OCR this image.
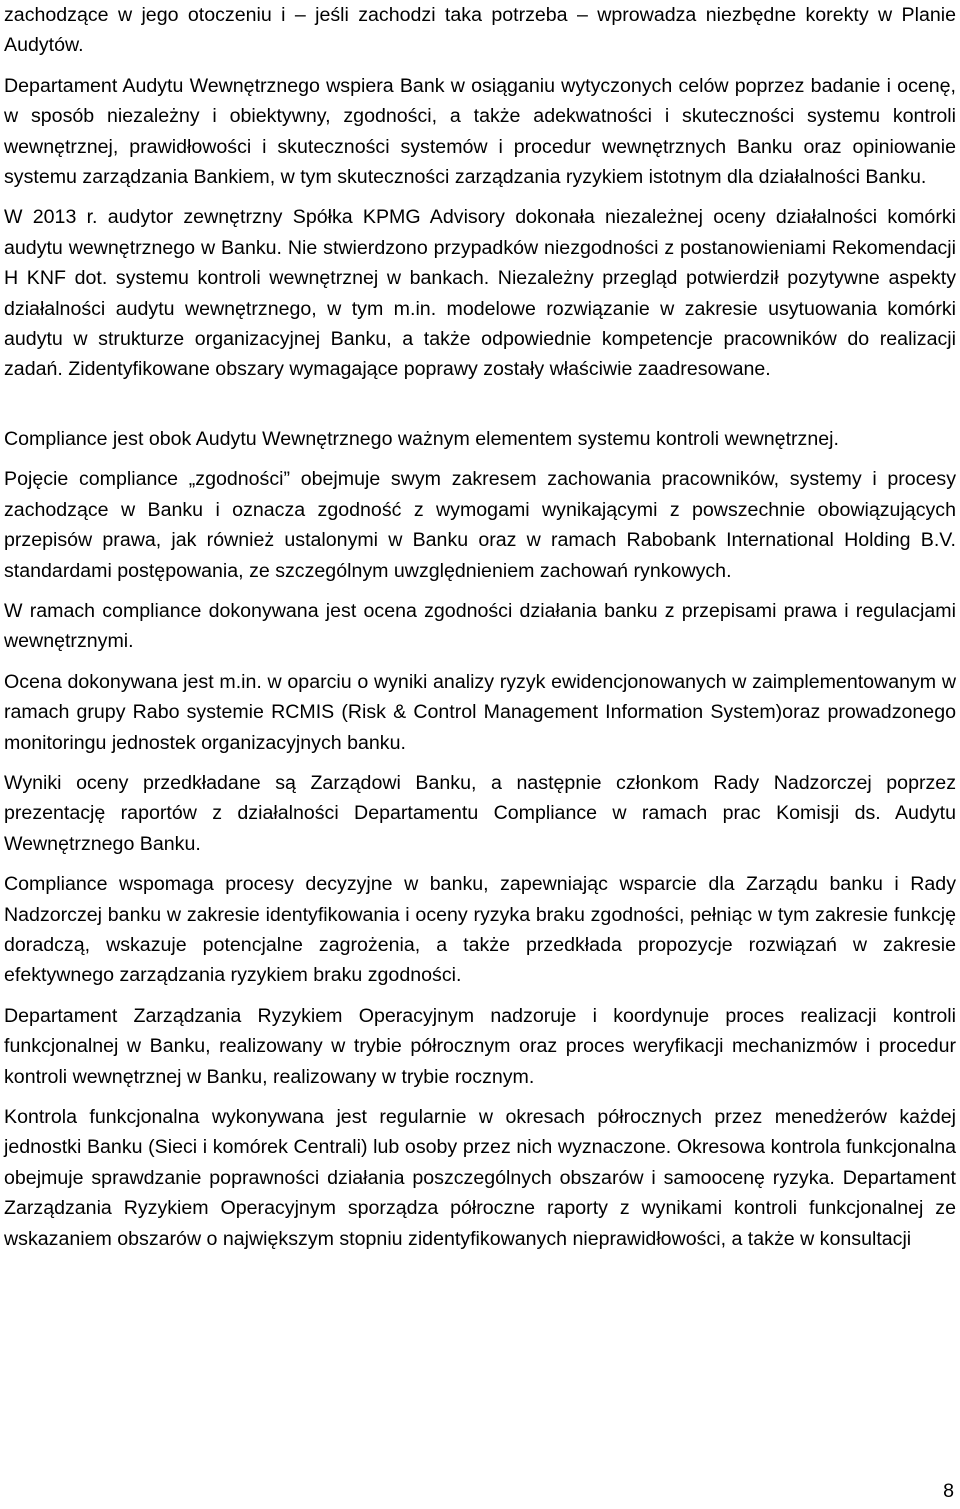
zachodzące w jego otoczeniu i – jeśli zachodzi taka potrzeba – wprowadza niezbędne korekty w Planie Audytów.

Departament Audytu Wewnętrznego wspiera Bank w osiąganiu wytyczonych celów poprzez badanie i ocenę, w sposób niezależny i obiektywny, zgodności, a także adekwatności i skuteczności systemu kontroli wewnętrznej, prawidłowości i skuteczności systemów i procedur wewnętrznych Banku oraz opiniowanie systemu zarządzania Bankiem, w tym skuteczności zarządzania ryzykiem istotnym dla działalności Banku.

W 2013 r. audytor zewnętrzny Spółka KPMG Advisory dokonała niezależnej oceny działalności komórki audytu wewnętrznego w Banku. Nie stwierdzono przypadków niezgodności z postanowieniami Rekomendacji H KNF dot. systemu kontroli wewnętrznej w bankach. Niezależny przegląd potwierdził pozytywne aspekty działalności audytu wewnętrznego, w tym m.in. modelowe rozwiązanie w zakresie usytuowania komórki audytu w strukturze organizacyjnej Banku, a także odpowiednie kompetencje pracowników do realizacji zadań. Zidentyfikowane obszary wymagające poprawy zostały właściwie zaadresowane.

Compliance jest obok Audytu Wewnętrznego ważnym elementem systemu kontroli wewnętrznej.

Pojęcie compliance „zgodności” obejmuje swym zakresem zachowania pracowników, systemy i procesy zachodzące w Banku i oznacza zgodność z wymogami wynikającymi z powszechnie obowiązujących przepisów prawa, jak również ustalonymi w Banku oraz w ramach Rabobank International Holding B.V. standardami postępowania, ze szczególnym uwzględnieniem zachowań rynkowych.

W ramach compliance dokonywana jest ocena zgodności działania banku z przepisami prawa i regulacjami wewnętrznymi.

Ocena dokonywana jest m.in. w oparciu o wyniki analizy ryzyk ewidencjonowanych w zaimplementowanym w ramach grupy Rabo systemie RCMIS (Risk & Control Management Information System)oraz prowadzonego monitoringu jednostek organizacyjnych banku.

Wyniki oceny przedkładane są Zarządowi Banku, a następnie członkom Rady Nadzorczej poprzez prezentację raportów z działalności Departamentu Compliance w ramach prac Komisji ds. Audytu Wewnętrznego Banku.

Compliance wspomaga procesy decyzyjne w banku, zapewniając wsparcie dla Zarządu banku i Rady Nadzorczej banku w zakresie identyfikowania i oceny ryzyka braku zgodności, pełniąc w tym zakresie funkcję doradczą, wskazuje potencjalne zagrożenia, a także przedkłada propozycje rozwiązań w zakresie efektywnego zarządzania ryzykiem braku zgodności.

Departament Zarządzania Ryzykiem Operacyjnym nadzoruje i koordynuje proces realizacji kontroli funkcjonalnej w Banku, realizowany w trybie półrocznym oraz proces weryfikacji mechanizmów i procedur kontroli wewnętrznej w Banku, realizowany w trybie rocznym.

Kontrola funkcjonalna wykonywana jest regularnie w okresach półrocznych przez menedżerów każdej jednostki Banku (Sieci i komórek Centrali) lub osoby przez nich wyznaczone. Okresowa kontrola funkcjonalna obejmuje sprawdzanie poprawności działania poszczególnych obszarów i samoocenę ryzyka. Departament Zarządzania Ryzykiem Operacyjnym sporządza półroczne raporty z wynikami kontroli funkcjonalnej ze wskazaniem obszarów o największym stopniu zidentyfikowanych nieprawidłowości, a także w konsultacji

8
